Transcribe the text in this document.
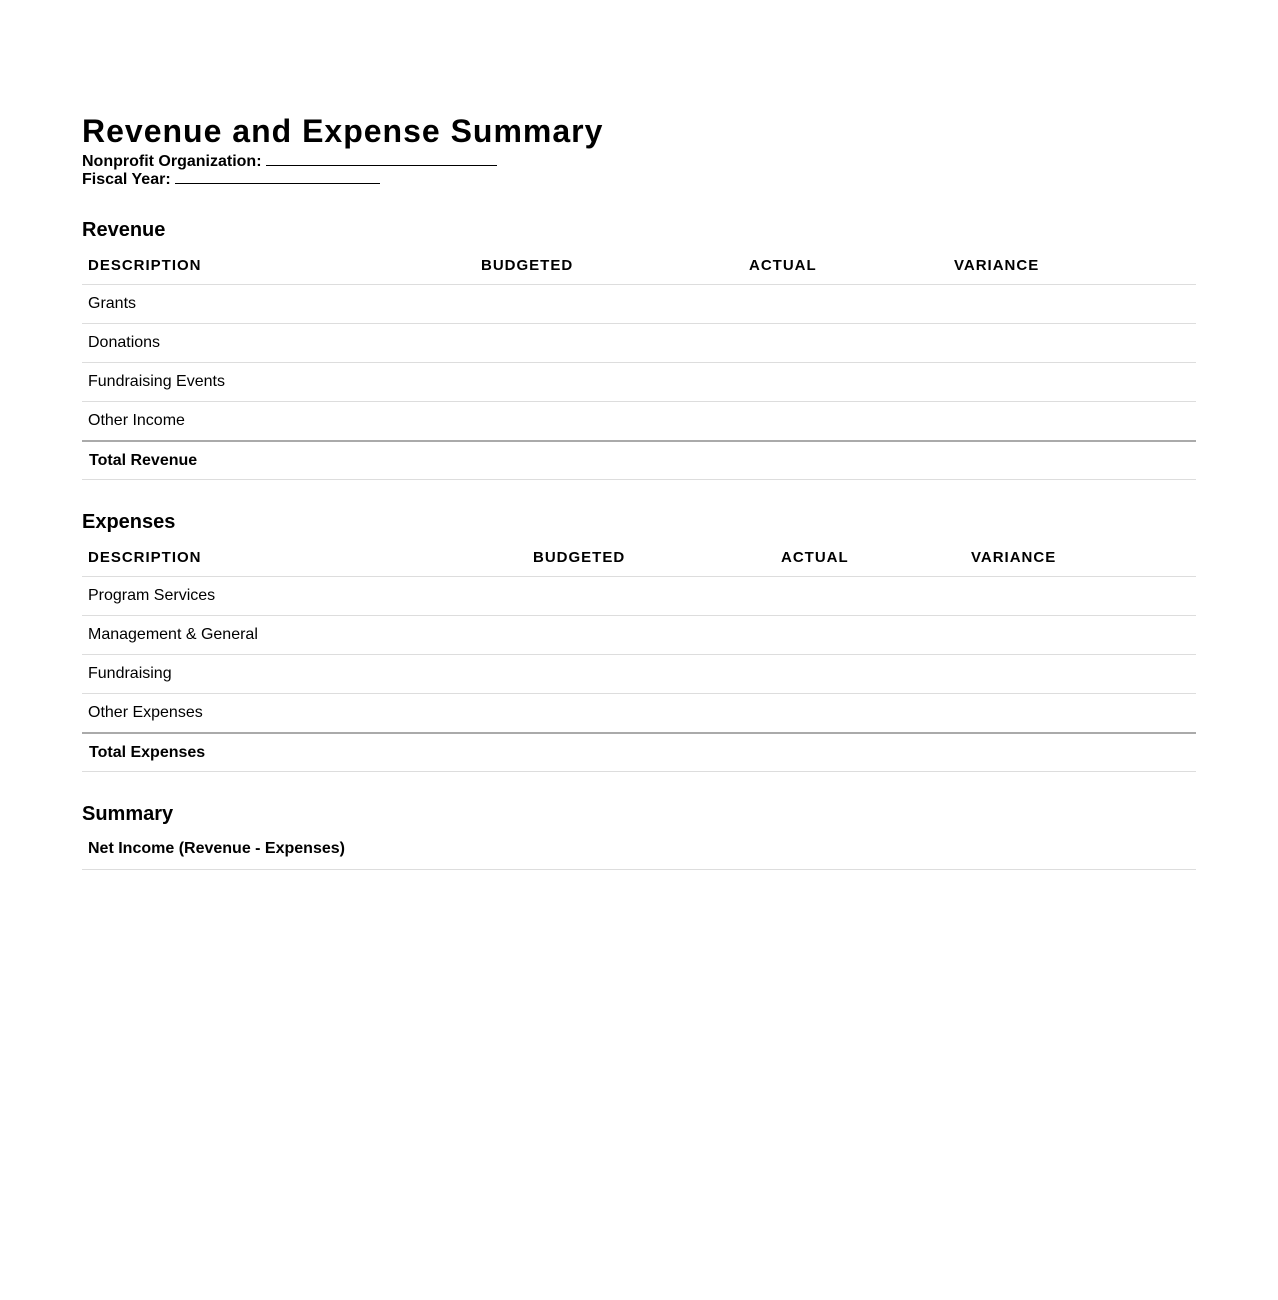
Revenue and Expense Summary
Nonprofit Organization:
Fiscal Year:
Revenue
DESCRIPTION	BUDGETED	ACTUAL	VARIANCE
Grants			
Donations			
Fundraising Events			
Other Income			
Total Revenue			
Expenses
DESCRIPTION	BUDGETED	ACTUAL	VARIANCE
Program Services			
Management & General			
Fundraising			
Other Expenses			
Total Expenses			
Summary
Net Income (Revenue - Expenses)
